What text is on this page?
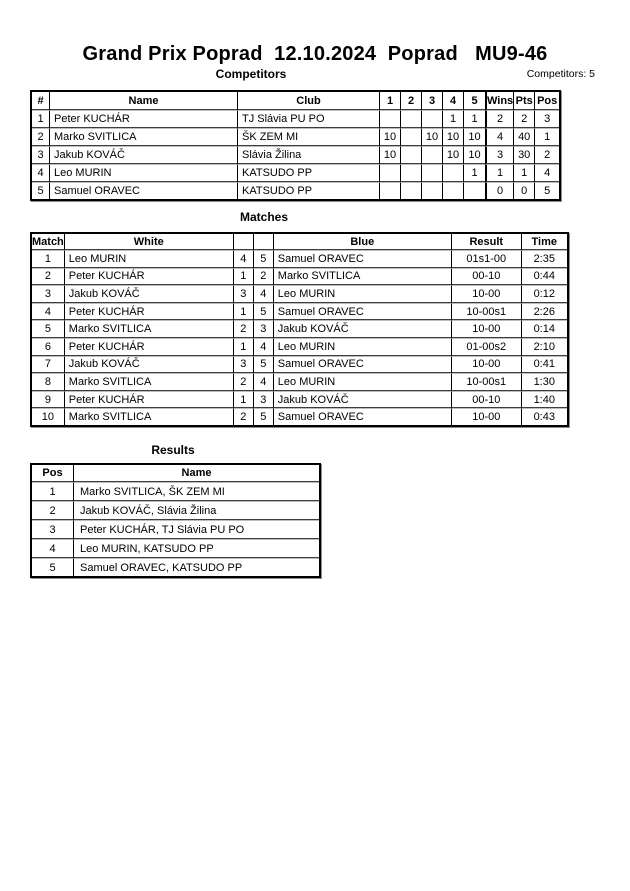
Grand Prix Poprad  12.10.2024  Poprad   MU9-46
Competitors	Competitors: 5
#	Name	Club	1	2	3	4	5	Wins	Pts	Pos
1	Peter KUCHÁR	TJ Slávia PU PO				1	1	2	2	3
2	Marko SVITLICA	ŠK ZEM MI	10		10	10	10	4	40	1
3	Jakub KOVÁČ	Slávia Žilina	10			10	10	3	30	2
4	Leo MURIN	KATSUDO PP					1	1	1	4
5	Samuel ORAVEC	KATSUDO PP						0	0	5
Matches
Match	White			Blue	Result	Time
1	Leo MURIN	4	5	Samuel ORAVEC	01s1-00	2:35
2	Peter KUCHÁR	1	2	Marko SVITLICA	00-10	0:44
3	Jakub KOVÁČ	3	4	Leo MURIN	10-00	0:12
4	Peter KUCHÁR	1	5	Samuel ORAVEC	10-00s1	2:26
5	Marko SVITLICA	2	3	Jakub KOVÁČ	10-00	0:14
6	Peter KUCHÁR	1	4	Leo MURIN	01-00s2	2:10
7	Jakub KOVÁČ	3	5	Samuel ORAVEC	10-00	0:41
8	Marko SVITLICA	2	4	Leo MURIN	10-00s1	1:30
9	Peter KUCHÁR	1	3	Jakub KOVÁČ	00-10	1:40
10	Marko SVITLICA	2	5	Samuel ORAVEC	10-00	0:43
Results
Pos	Name
1	Marko SVITLICA, ŠK ZEM MI
2	Jakub KOVÁČ, Slávia Žilina
3	Peter KUCHÁR, TJ Slávia PU PO
4	Leo MURIN, KATSUDO PP
5	Samuel ORAVEC, KATSUDO PP
